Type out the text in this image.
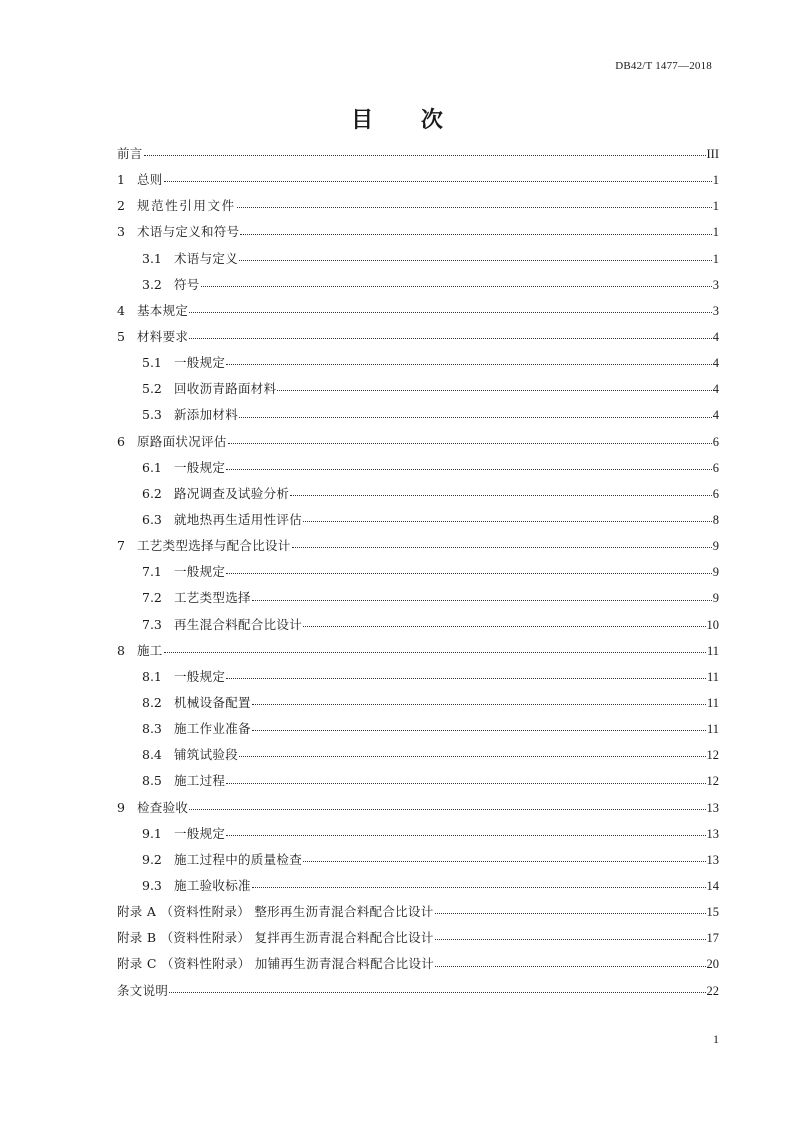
DB42/T 1477—2018
目 次
前言	III
1 总则	1
2 规范性引用文件	1
3 术语与定义和符号	1
3.1 术语与定义	1
3.2 符号	3
4 基本规定	3
5 材料要求	4
5.1 一般规定	4
5.2 回收沥青路面材料	4
5.3 新添加材料	4
6 原路面状况评估	6
6.1 一般规定	6
6.2 路况调查及试验分析	6
6.3 就地热再生适用性评估	8
7 工艺类型选择与配合比设计	9
7.1 一般规定	9
7.2 工艺类型选择	9
7.3 再生混合料配合比设计	10
8 施工	11
8.1 一般规定	11
8.2 机械设备配置	11
8.3 施工作业准备	11
8.4 铺筑试验段	12
8.5 施工过程	12
9 检查验收	13
9.1 一般规定	13
9.2 施工过程中的质量检查	13
9.3 施工验收标准	14
附录 A （资料性附录） 整形再生沥青混合料配合比设计	15
附录 B （资料性附录） 复拌再生沥青混合料配合比设计	17
附录 C （资料性附录） 加铺再生沥青混合料配合比设计	20
条文说明	22
1
